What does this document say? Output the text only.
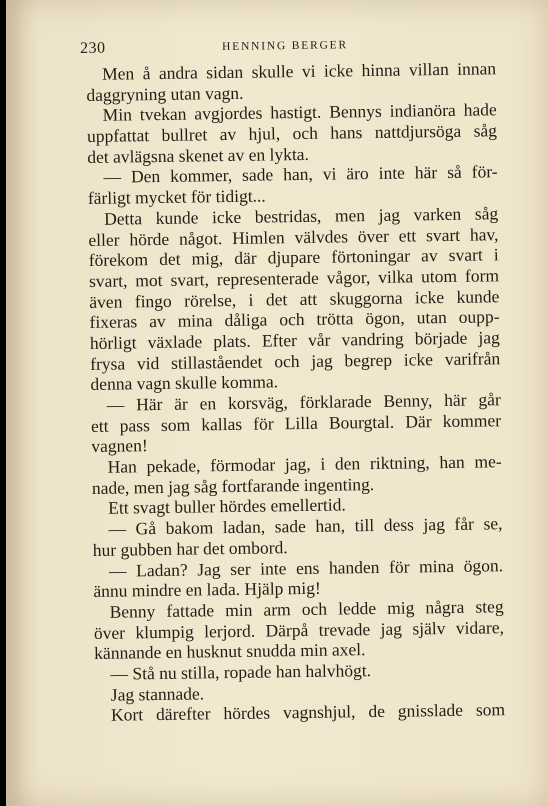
230	HENNING BERGER
Men å andra sidan skulle vi icke hinna villan innan
daggryning utan vagn.
Min tvekan avgjordes hastigt. Bennys indianöra hade
uppfattat bullret av hjul, och hans nattdjursöga såg
det avlägsna skenet av en lykta.
— Den kommer, sade han, vi äro inte här så för-
färligt mycket för tidigt...
Detta kunde icke bestridas, men jag varken såg
eller hörde något. Himlen välvdes över ett svart hav,
förekom det mig, där djupare förtoningar av svart i
svart, mot svart, representerade vågor, vilka utom form
även fingo rörelse, i det att skuggorna icke kunde
fixeras av mina dåliga och trötta ögon, utan oupp-
hörligt växlade plats. Efter vår vandring började jag
frysa vid stillaståendet och jag begrep icke varifrån
denna vagn skulle komma.
— Här är en korsväg, förklarade Benny, här går
ett pass som kallas för Lilla Bourgtal. Där kommer
vagnen!
Han pekade, förmodar jag, i den riktning, han me-
nade, men jag såg fortfarande ingenting.
Ett svagt buller hördes emellertid.
— Gå bakom ladan, sade han, till dess jag får se,
hur gubben har det ombord.
— Ladan? Jag ser inte ens handen för mina ögon.
ännu mindre en lada. Hjälp mig!
Benny fattade min arm och ledde mig några steg
över klumpig lerjord. Därpå trevade jag själv vidare,
kännande en husknut snudda min axel.
— Stå nu stilla, ropade han halvhögt.
Jag stannade.
Kort därefter hördes vagnshjul, de gnisslade som
